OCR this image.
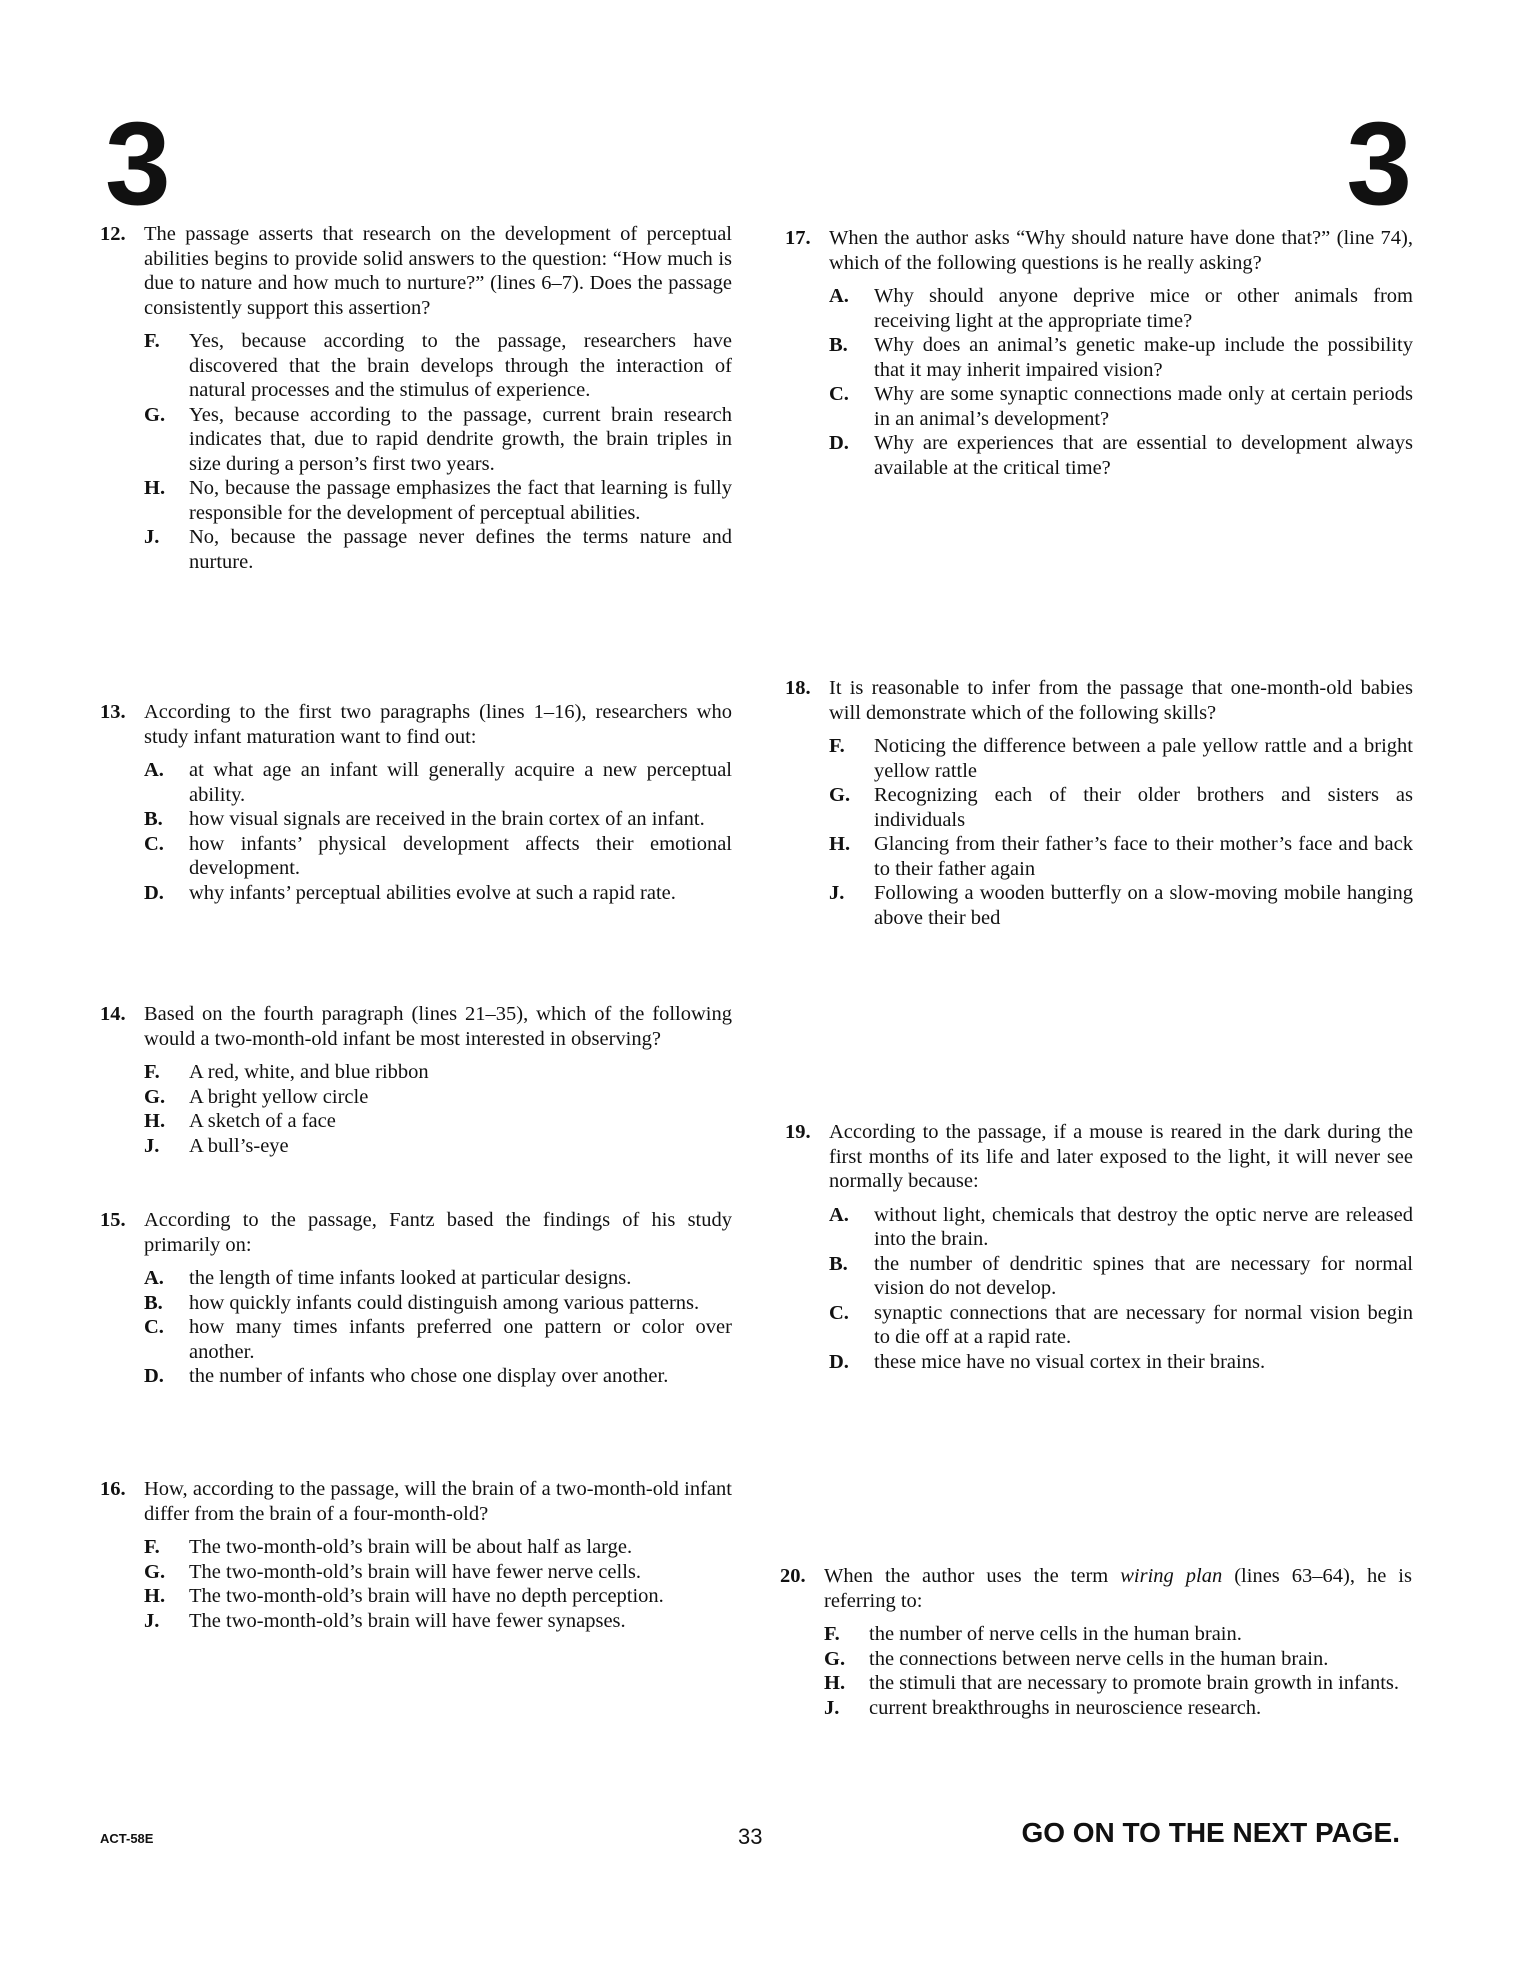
3	3
12. The passage asserts that research on the development of perceptual abilities begins to provide solid answers to the question: “How much is due to nature and how much to nurture?” (lines 6–7). Does the passage consistently support this assertion?
F. Yes, because according to the passage, researchers have discovered that the brain develops through the interaction of natural processes and the stimulus of experience.
G. Yes, because according to the passage, current brain research indicates that, due to rapid dendrite growth, the brain triples in size during a person’s first two years.
H. No, because the passage emphasizes the fact that learning is fully responsible for the development of perceptual abilities.
J. No, because the passage never defines the terms nature and nurture.
13. According to the first two paragraphs (lines 1–16), researchers who study infant maturation want to find out:
A. at what age an infant will generally acquire a new perceptual ability.
B. how visual signals are received in the brain cortex of an infant.
C. how infants’ physical development affects their emotional development.
D. why infants’ perceptual abilities evolve at such a rapid rate.
14. Based on the fourth paragraph (lines 21–35), which of the following would a two-month-old infant be most interested in observing?
F. A red, white, and blue ribbon
G. A bright yellow circle
H. A sketch of a face
J. A bull’s-eye
15. According to the passage, Fantz based the findings of his study primarily on:
A. the length of time infants looked at particular designs.
B. how quickly infants could distinguish among various patterns.
C. how many times infants preferred one pattern or color over another.
D. the number of infants who chose one display over another.
16. How, according to the passage, will the brain of a two-month-old infant differ from the brain of a four-month-old?
F. The two-month-old’s brain will be about half as large.
G. The two-month-old’s brain will have fewer nerve cells.
H. The two-month-old’s brain will have no depth perception.
J. The two-month-old’s brain will have fewer synapses.
17. When the author asks “Why should nature have done that?” (line 74), which of the following questions is he really asking?
A. Why should anyone deprive mice or other animals from receiving light at the appropriate time?
B. Why does an animal’s genetic make-up include the possibility that it may inherit impaired vision?
C. Why are some synaptic connections made only at certain periods in an animal’s development?
D. Why are experiences that are essential to development always available at the critical time?
18. It is reasonable to infer from the passage that one-month-old babies will demonstrate which of the following skills?
F. Noticing the difference between a pale yellow rattle and a bright yellow rattle
G. Recognizing each of their older brothers and sisters as individuals
H. Glancing from their father’s face to their mother’s face and back to their father again
J. Following a wooden butterfly on a slow-moving mobile hanging above their bed
19. According to the passage, if a mouse is reared in the dark during the first months of its life and later exposed to the light, it will never see normally because:
A. without light, chemicals that destroy the optic nerve are released into the brain.
B. the number of dendritic spines that are necessary for normal vision do not develop.
C. synaptic connections that are necessary for normal vision begin to die off at a rapid rate.
D. these mice have no visual cortex in their brains.
20. When the author uses the term wiring plan (lines 63–64), he is referring to:
F. the number of nerve cells in the human brain.
G. the connections between nerve cells in the human brain.
H. the stimuli that are necessary to promote brain growth in infants.
J. current breakthroughs in neuroscience research.
ACT-58E	33	GO ON TO THE NEXT PAGE.
